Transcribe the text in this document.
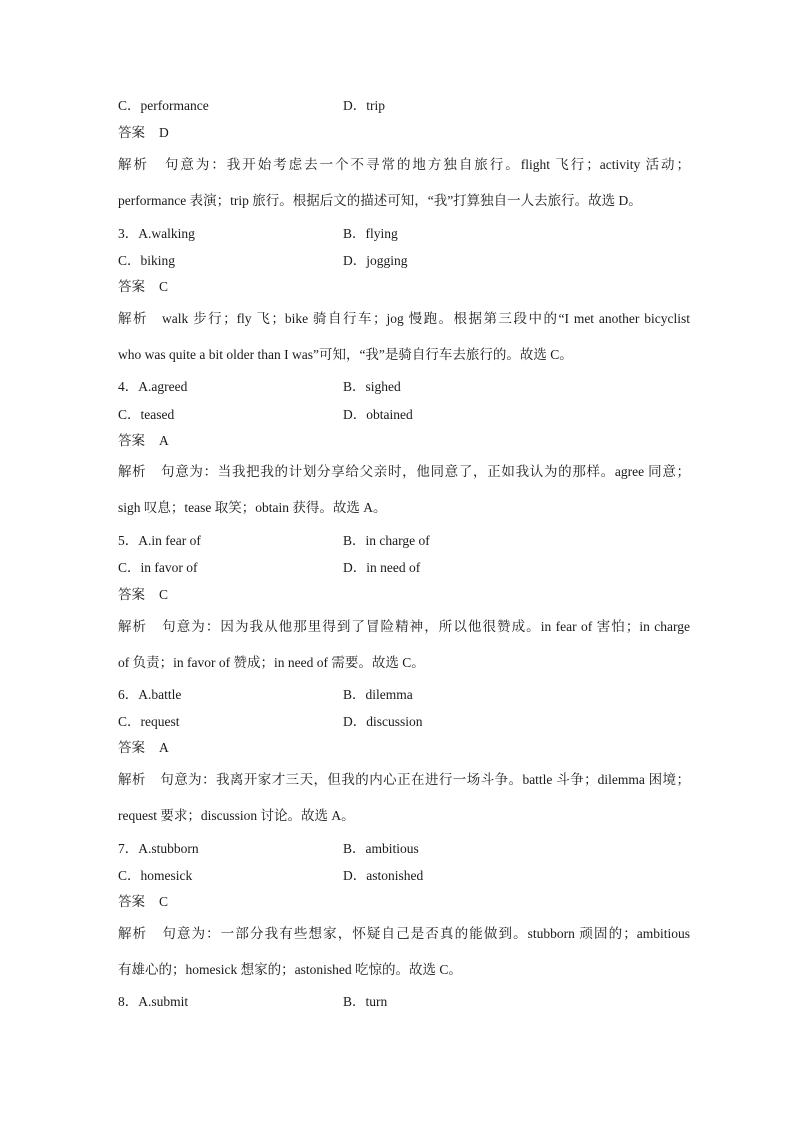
C．performance	D．trip
答案 D
解析 句意为：我开始考虑去一个不寻常的地方独自旅行。flight 飞行；activity 活动；
performance 表演；trip 旅行。根据后文的描述可知，“我”打算独自一人去旅行。故选 D。
3．A.walking	B．flying
C．biking	D．jogging
答案 C
解析 walk 步行；fly 飞；bike 骑自行车；jog 慢跑。根据第三段中的“I met another bicyclist
who was quite a bit older than I was”可知，“我”是骑自行车去旅行的。故选 C。
4．A.agreed	B．sighed
C．teased	D．obtained
答案 A
解析 句意为：当我把我的计划分享给父亲时，他同意了，正如我认为的那样。agree 同意；
sigh 叹息；tease 取笑；obtain 获得。故选 A。
5．A.in fear of	B．in charge of
C．in favor of	D．in need of
答案 C
解析 句意为：因为我从他那里得到了冒险精神，所以他很赞成。in fear of 害怕；in charge
of 负责；in favor of 赞成；in need of 需要。故选 C。
6．A.battle	B．dilemma
C．request	D．discussion
答案 A
解析 句意为：我离开家才三天，但我的内心正在进行一场斗争。battle 斗争；dilemma 困境；
request 要求；discussion 讨论。故选 A。
7．A.stubborn	B．ambitious
C．homesick	D．astonished
答案 C
解析 句意为：一部分我有些想家，怀疑自己是否真的能做到。stubborn 顽固的；ambitious
有雄心的；homesick 想家的；astonished 吃惊的。故选 C。
8．A.submit	B．turn
